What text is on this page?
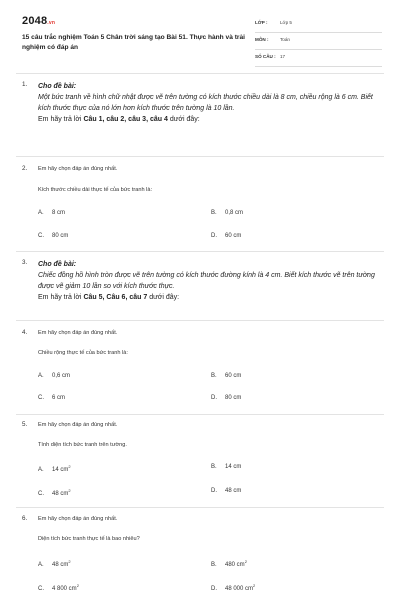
2048.vn
15 câu trắc nghiệm Toán 5 Chân trời sáng tạo Bài 51. Thực hành và trải nghiệm có đáp án
LỚP :	Lớp 5
MÔN : Toán
SỐ CÂU : 17
1. Cho đề bài:
Một bức tranh về hình chữ nhật được vẽ trên tường có kích thước chiều dài là 8 cm, chiều rộng là 6 cm. Biết kích thước thực của nó lớn hơn kích thước trên tường là 10 lần.
Em hãy trả lời Câu 1, câu 2, câu 3, câu 4 dưới đây:
2. Em hãy chọn đáp án đúng nhất.
Kích thước chiều dài thực tế của bức tranh là:
A. 8 cm	B. 0,8 cm
C. 80 cm	D. 60 cm
3. Cho đề bài:
Chiếc đồng hồ hình tròn được vẽ trên tường có kích thước đường kính là 4 cm. Biết kích thước vẽ trên tường được vẽ giảm 10 lần so với kích thước thực.
Em hãy trả lời Câu 5, Câu 6, câu 7 dưới đây:
4. Em hãy chọn đáp án đúng nhất.
Chiều rộng thực tế của bức tranh là:
A. 0,6 cm	B. 60 cm
C. 6 cm	D. 80 cm
5. Em hãy chọn đáp án đúng nhất.
Tính diện tích bức tranh trên tường.
A. 14 $cm^2$	B. 14 cm
C. 48 $cm^2$	D. 48 cm
6. Em hãy chọn đáp án đúng nhất.
Diện tích bức tranh thực tế là bao nhiêu?
A. 48 $cm^2$
B. 480 $cm^2$
C. 4 800 $cm^2$
D. 48 000 $cm^2$
